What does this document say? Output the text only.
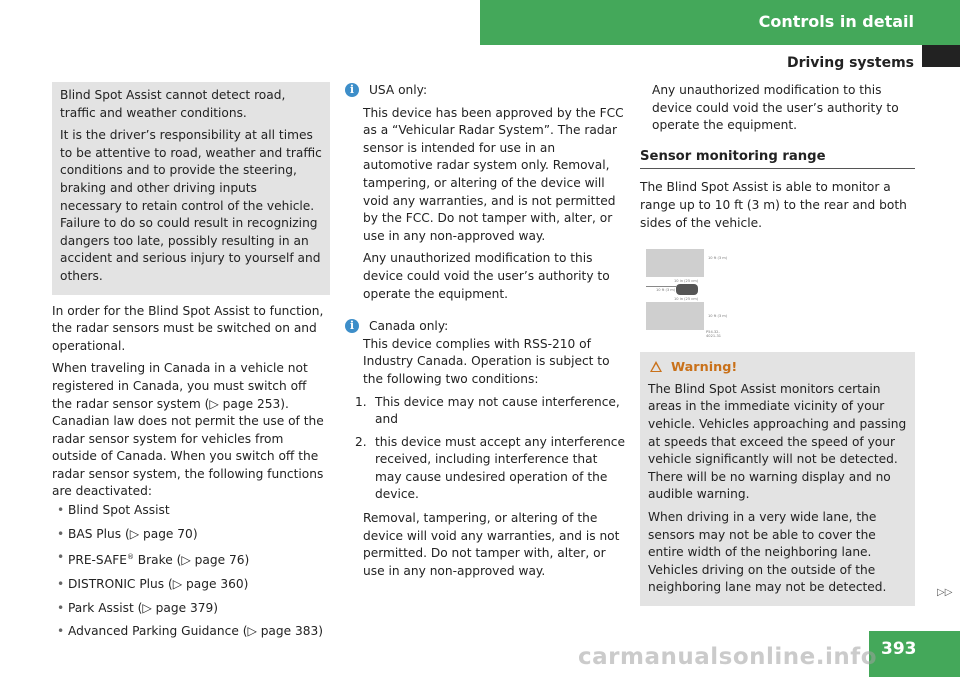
Controls in detail
Driving systems

Blind Spot Assist cannot detect road, traffic and weather conditions.

It is the driver’s responsibility at all times to be attentive to road, weather and traffic conditions and to provide the steering, braking and other driving inputs necessary to retain control of the vehicle. Failure to do so could result in recognizing dangers too late, possibly resulting in an accident and serious injury to yourself and others.

In order for the Blind Spot Assist to function, the radar sensors must be switched on and operational.

When traveling in Canada in a vehicle not registered in Canada, you must switch off the radar sensor system (▷ page 253). Canadian law does not permit the use of the radar sensor system for vehicles from outside of Canada. When you switch off the radar sensor system, the following functions are deactivated:

• Blind Spot Assist
• BAS Plus (▷ page 70)
• PRE-SAFE® Brake (▷ page 76)
• DISTRONIC Plus (▷ page 360)
• Park Assist (▷ page 379)
• Advanced Parking Guidance (▷ page 383)
i	USA only:

This device has been approved by the FCC as a “Vehicular Radar System”. The radar sensor is intended for use in an automotive radar system only. Removal, tampering, or altering of the device will void any warranties, and is not permitted by the FCC. Do not tamper with, alter, or use in any non-approved way.

Any unauthorized modification to this device could void the user’s authority to operate the equipment.

i	Canada only:

This device complies with RSS-210 of Industry Canada. Operation is subject to the following two conditions:

1. This device may not cause interference, and
2. this device must accept any interference received, including interference that may cause undesired operation of the device.

Removal, tampering, or altering of the device will void any warranties, and is not permitted. Do not tamper with, alter, or use in any non-approved way.

Any unauthorized modification to this device could void the user’s authority to operate the equipment.

Sensor monitoring range

The Blind Spot Assist is able to monitor a range up to 10 ft (3 m) to the rear and both sides of the vehicle.

10 ft (3 m)
10 in (25 cm)
10 ft (3 m)
10 in (25 cm)
10 ft (3 m)
P54.32-4021-31
Warning!

The Blind Spot Assist monitors certain areas in the immediate vicinity of your vehicle. Vehicles approaching and passing at speeds that exceed the speed of your vehicle significantly will not be detected. There will be no warning display and no audible warning.

When driving in a very wide lane, the sensors may not be able to cover the entire width of the neighboring lane. Vehicles driving on the outside of the neighboring lane may not be detected.	▷▷
393
carmanualsonline.info
